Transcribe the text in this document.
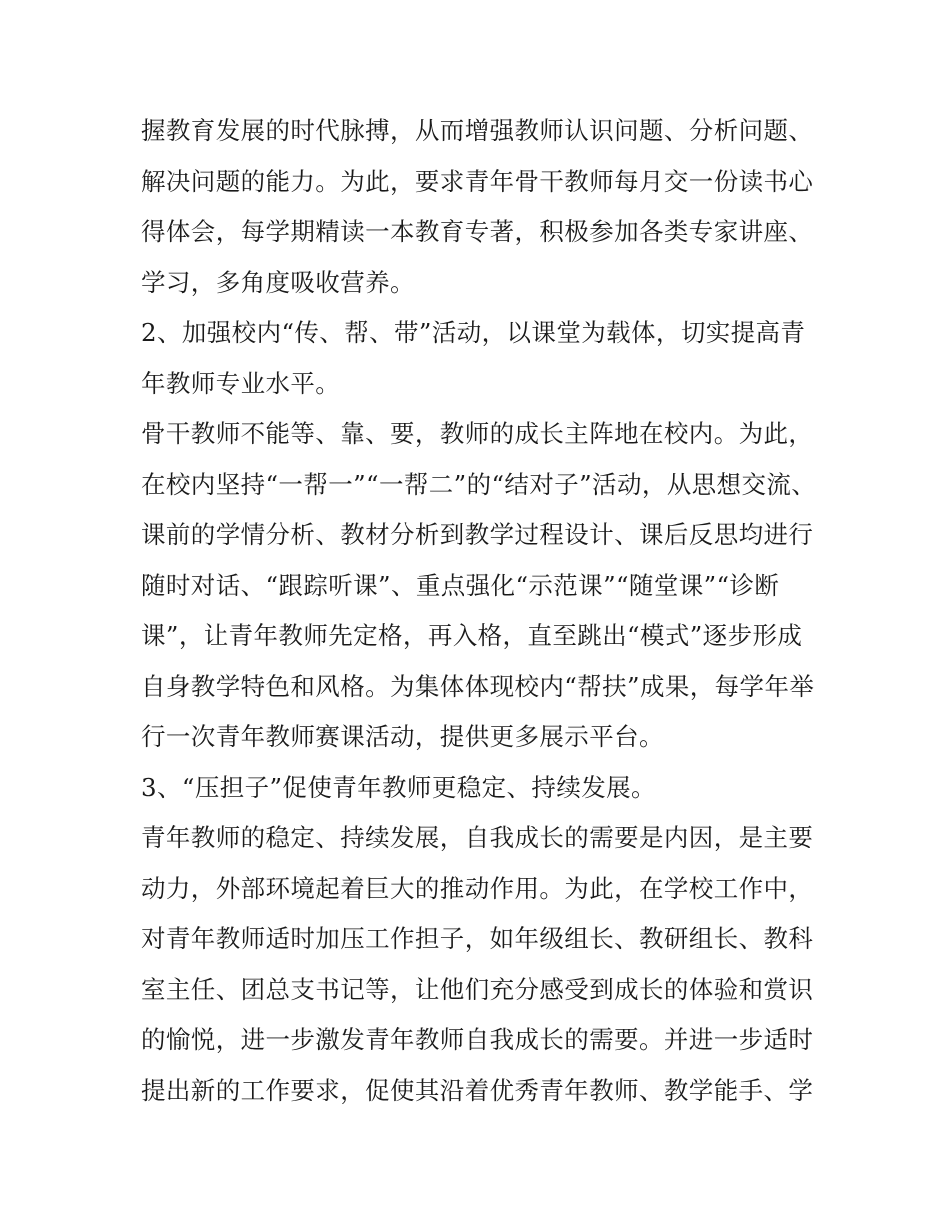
握教育发展的时代脉搏，从而增强教师认识问题、分析问题、
解决问题的能力。为此，要求青年骨干教师每月交一份读书心
得体会，每学期精读一本教育专著，积极参加各类专家讲座、
学习，多角度吸收营养。
2、加强校内“传、帮、带”活动，以课堂为载体，切实提高青
年教师专业水平。
骨干教师不能等、靠、要，教师的成长主阵地在校内。为此，
在校内坚持“一帮一”“一帮二”的“结对子”活动，从思想交流、
课前的学情分析、教材分析到教学过程设计、课后反思均进行
随时对话、“跟踪听课”、重点强化“示范课”“随堂课”“诊断
课”，让青年教师先定格，再入格，直至跳出“模式”逐步形成
自身教学特色和风格。为集体体现校内“帮扶”成果，每学年举
行一次青年教师赛课活动，提供更多展示平台。
3、“压担子”促使青年教师更稳定、持续发展。
青年教师的稳定、持续发展，自我成长的需要是内因，是主要
动力，外部环境起着巨大的推动作用。为此，在学校工作中，
对青年教师适时加压工作担子，如年级组长、教研组长、教科
室主任、团总支书记等，让他们充分感受到成长的体验和赏识
的愉悦，进一步激发青年教师自我成长的需要。并进一步适时
提出新的工作要求，促使其沿着优秀青年教师、教学能手、学
